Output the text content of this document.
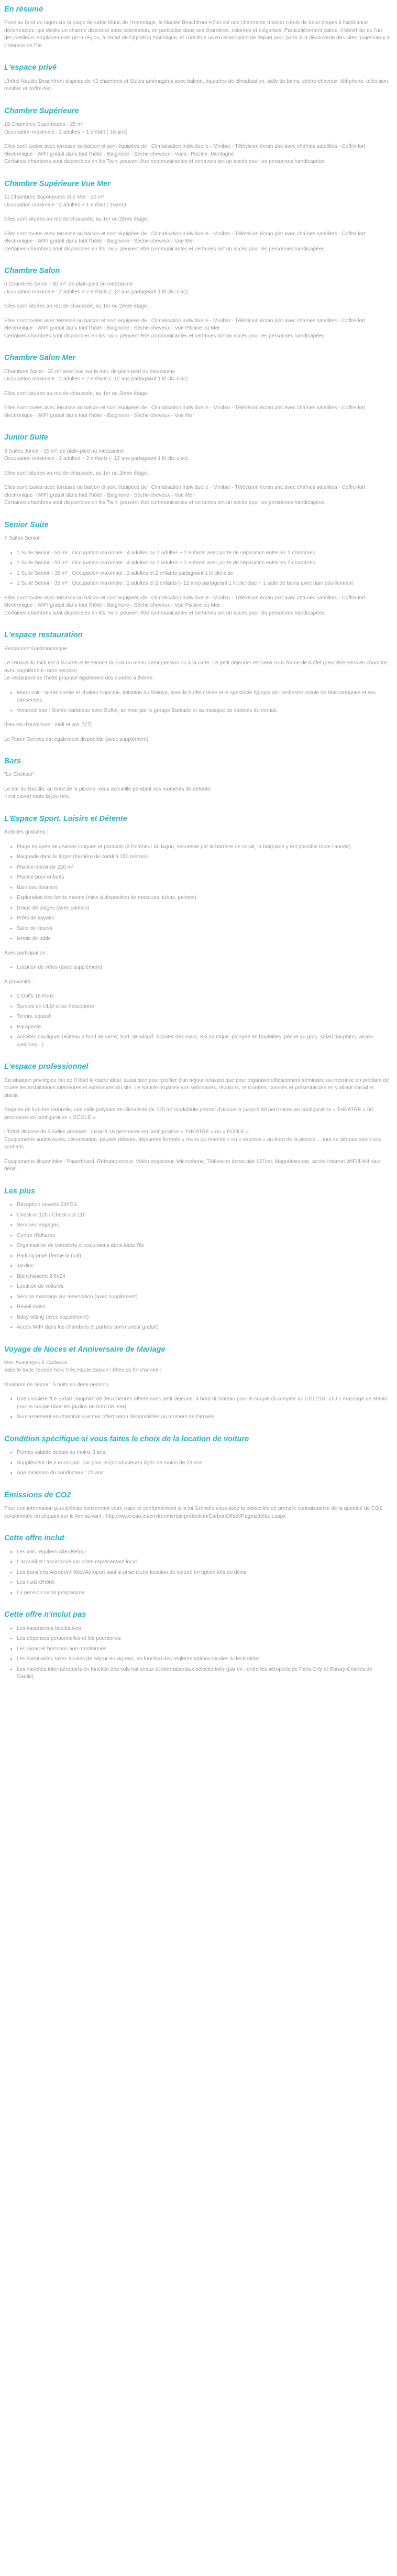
En résumé

Posé au bord du lagon sur la plage de sable blanc de l'Hermitage, le Nautile Beachfront Hôtel est une charmante maison créole de deux étages à l'ambiance décontractée, qui distille un charme discret et sans ostentation, en particulier dans ses chambres, colorées et élégantes. Particulièrement calme, il bénéficie de l'un des meilleurs emplacements de la région, à l'écart de l'agitation touristique, et constitue un excellent point de départ pour partir à la découverte des sites majestueux à l'intérieur de l'île.

L'espace privé

L'hôtel Nautile Beachfront dispose de 43 chambres et Suites aménagées avec balcon, équipées de climatisation, salle de bains, sèche-cheveux, téléphone, télévision, minibar et coffre-fort.

Chambre Supérieure

19 Chambres Supérieures - 25 m²
Occupation maximale : 2 adultes + 1 enfant (-16 ans)

Elles sont toutes avec terrasse ou balcon et sont équipées de : Climatisation individuelle - Minibar - Télévision écran plat avec chaînes satellites - Coffre-fort électronique - WIFI gratuit dans tout l'hôtel - Baignoire - Sèche-cheveux - Vues : Piscine, Montagne
Certaines chambres sont disponibles en lits Twin, peuvent être communicantes et certaines ont un accès pour les personnes handicapées.

Chambre Supérieure Vue Mer

11 Chambres Supérieures Vue Mer - 25 m²
Occupation maximale : 2 adultes + 1 enfant (-16ans)

Elles sont situées au rez-de-chaussée, au 1er ou 2ème étage.

Elles sont toutes avec terrasse ou balcon et sont équipées de : Climatisation individuelle - Minibar - Télévision écran plat avec chaînes satellites - Coffre-fort électronique - WIFI gratuit dans tout l'hôtel - Baignoire - Sèche-cheveux - Vue Mer
Certaines chambres sont disponibles en lits Twin, peuvent être communicantes et certaines ont un accès pour les personnes handicapées.

Chambre Salon

6 Chambres Salon - 30 m², de plain-pied ou mezzanine
Occupation maximale : 2 adultes + 2 enfants (- 12 ans partageant 1 lit clic-clac)

Elles sont situées au rez-de-chaussée, au 1er ou 2ème étage.

Elles sont toutes avec terrasse ou balcon et sont équipées de : Climatisation individuelle - Minibar - Télévision écran plat avec chaînes satellites - Coffre-fort électronique - WIFI gratuit dans tout l'hôtel - Baignoire - Sèche-cheveux - Vue Piscine ou Mer
Certaines chambres sont disponibles en lits Twin, peuvent être communicantes et certaines ont un accès pour les personnes handicapées.

Chambre Salon Mer

Chambres Salon - 30 m² avec vue sur la mer, de plain-pied ou mezzanine
Occupation maximale : 2 adultes + 2 enfants (- 12 ans partageant 1 lit clic-clac)

Elles sont situées au rez-de-chaussée, au 1er ou 2ème étage.

Elles sont toutes avec terrasse ou balcon et sont équipées de : Climatisation individuelle - Minibar - Télévision écran plat avec chaînes satellites - Coffre-fort électronique - WIFI gratuit dans tout l'hôtel - Baignoire - Sèche-cheveux - Vue Mer

Junior Suite

3 Suites Junior - 35 m², de plain-pied ou mezzanine
Occupation maximale : 2 adultes + 2 enfants (- 12 ans partageant 1 lit clic-clac)

Elles sont situées au rez-de-chaussée, au 1er ou 2ème étage.

Elles sont toutes avec terrasse ou balcon et sont équipées de : Climatisation individuelle - Minibar - Télévision écran plat avec chaînes satellites - Coffre-fort électronique - WIFI gratuit dans tout l'hôtel - Baignoire - Sèche-cheveux - Vue Mer
Certaines chambres sont disponibles en lits Twin, peuvent être communicantes et certaines ont un accès pour les personnes handicapées.

Senior Suite

4 Suites Senior :

• 1 Suite Senior - 50 m² ; Occupation maximale : 4 adultes ou 2 adultes + 2 enfants avec porte de séparation entre les 2 chambres.
• 1 Suite Senior - 50 m² ; Occupation maximale : 4 adultes ou 2 adultes + 2 enfants avec porte de séparation entre les 2 chambres.
• 1 Suite Senior - 35 m² ; Occupation maximale : 2 adultes et 2 enfants partageant 1 lit clic-clac
• 1 Suite Senior - 35 m² ; Occupation maximale : 2 adultes et 2 enfants (- 12 ans) partageant 1 lit clic-clac + 1 salle de bains avec bain bouillonnant

Elles sont toutes avec terrasse ou balcon et sont équipées de : Climatisation individuelle - Minibar - Télévision écran plat avec chaînes satellites - Coffre-fort électronique - WIFI gratuit dans tout l'hôtel - Baignoire - Sèche-cheveux - Vue Piscine ou Mer
Certaines chambres sont disponibles en lits Twin, peuvent être communicantes et certaines ont un accès pour les personnes handicapées.

L'espace restauration

Restaurant Gastronomique

Le service du midi est à la carte et le service du soir un menu demi-pension ou à la carte. Le petit déjeuner est servi sous forme de buffet (peut être servi en chambre, avec supplément room service).
Le restaurant de l'hôtel propose également des soirées à thème:

• Mardi soir : soirée créole et chaleur tropicale, initiation au Maloya, avec le buffet créole et le spectacle typique de l'orchestre créole de Mascareignes et ses danseuses.
• Vendredi soir : Soirée barbecue avec Buffet, animée par le groupe Barkade et sa musique de variétés du monde.

(Heures d'ouverture : midi et soir 7j/7)

Le Room Service est également disponible (avec supplément).

Bars

"Le Cocktail"

Le bar du Nautile, au bord de la piscine, vous accueille pendant vos moments de détente.
Il est ouvert toute la journée.

L'Espace Sport, Loisirs et Détente

Activités gratuites :

• Plage équipée de chaises longues et parasols (à l'intérieur du lagon, sécurisée par la barrière de corail, la baignade y est possible toute l'année)
• Baignade dans le lagon (barrière de corail à 150 mètres)
• Piscine-miroir de 220 m²
• Piscine pour enfants
• Bain bouillonnant
• Exploration des fonds marins (mise à disposition de masques, tubas, palmes)
• Draps de plages (avec caution)
• Prêts de kayaks
• Salle de fitness
• tennis de table

Avec participation :

• Location de vélos (avec supplément)

À proximité :

• 2 Golfs 18 trous
• Survols en ULM et en hélicoptère
• Tennis, squash
• Parapente
• Activités nautiques (Bateau à fond de verre, Surf, Windsurf, Scooter des mers, Ski nautique, plongée en bouteilles, pêche au gros, safari dauphins, whale-watching...)
L'espace professionnel

Sa situation privilégiée fait de l'Hôtel le cadre idéal, aussi bien pour profiter d'un séjour relaxant que pour organiser efficacement séminaire ou incentive en profitant de toutes les installations intérieures et extérieures du site. Le Nautile organise vos séminaires, réunions, rencontres, comités et présentations en y alliant travail et plaisir.

Baignée de lumière naturelle, une salle polyvalente climatisée de 120 m² modulable permet d'accueillir jusqu'à 80 personnes en configuration « THEATRE » 50 personnes en configuration « ECOLE ».

L'hôtel dispose de 3 salles annexes : jusqu'à 16 personnes en configuration « THEATRE » ou « ECOLE »
Équipements audiovisuels, climatisation, pauses détente, déjeuners formule « menu du marché » ou « express » au bord de la piscine ... tout se déroule selon vos souhaits.

Équipements disponibles : Paperboard, Rétroprojecteur, Vidéo projecteur, Microphone, Télévision écran plat 127cm, Magnétoscope, accès Internet WIFI/LAN haut débit.

Les plus
• Réception ouverte 24h/24
• Check-in 12h / Check-out 11h
• Services Bagages
• Centre d'affaires
• Organisation de transferts et excursions dans toute l'île
• Parking privé (fermé la nuit)
• Jardins
• Blanchisserie 24h/24
• Location de voitures
• Service massage sur réservation (avec supplément)
• Réveil matin
• Baby-sitting (avec supplément)
• Accès WIFI dans les chambres et parties communes( gratuit)
Voyage de Noces et Anniversaire de Mariage

Mes Avantages & Cadeaux
Validité toute l'année hors Très Haute Saison / fêtes de fin d'année :

Minimum de séjour : 5 nuits en demi-pension

• Une croisière "Le Safari Dauphin" de deux heures offerte avec petit déjeuner à bord du bateau pour le couple (à compter du 01/11/18 : OU 1 massage de 30min pour le couple dans les jardins en bord de mer)
• Surclassement en chambre vue mer offert selon disponibilités au moment de l'arrivée
Condition spécifique si vous faites le choix de la location de voiture
• Permis valable depuis au moins 3 ans.
• Supplément de 5 euros par jour pour les(conducteurs) âgés de moins de 23 ans.
• Age minimum du conducteur : 21 ans
Émissions de CO2

Pour une information plus précise concernant votre trajet et conformément à la loi Grenelle vous avez la possibilité de prendre connaissance de la quantité de CO2 consommée en cliquant sur le lien suivant : http://www.icao.int/environmental-protection/CarbonOffset/Pages/default.aspx

Cette offre inclut
• Les vols réguliers Aller/Retour
• L'accueil et l'assistance par notre représentant local
• Les transferts Aéroport/Hôtel/Aéroport sauf si prise d'une location de voiture en option lors du devis
• Les nuits d'hôtel
• La pension selon programme
Cette offre n'inclut pas
• Les assurances facultatives
• Les dépenses personnelles et les pourboires
• Les repas et boissons non mentionnés
• Les éventuelles taxes locales de séjour en vigueur, en fonction des réglementations locales à destination
• Les navettes inter-aéroports en fonction des vols nationaux et internationaux sélectionnés (par ex : entre les aéroports de Paris Orly et Roissy-Charles de Gaulle)
